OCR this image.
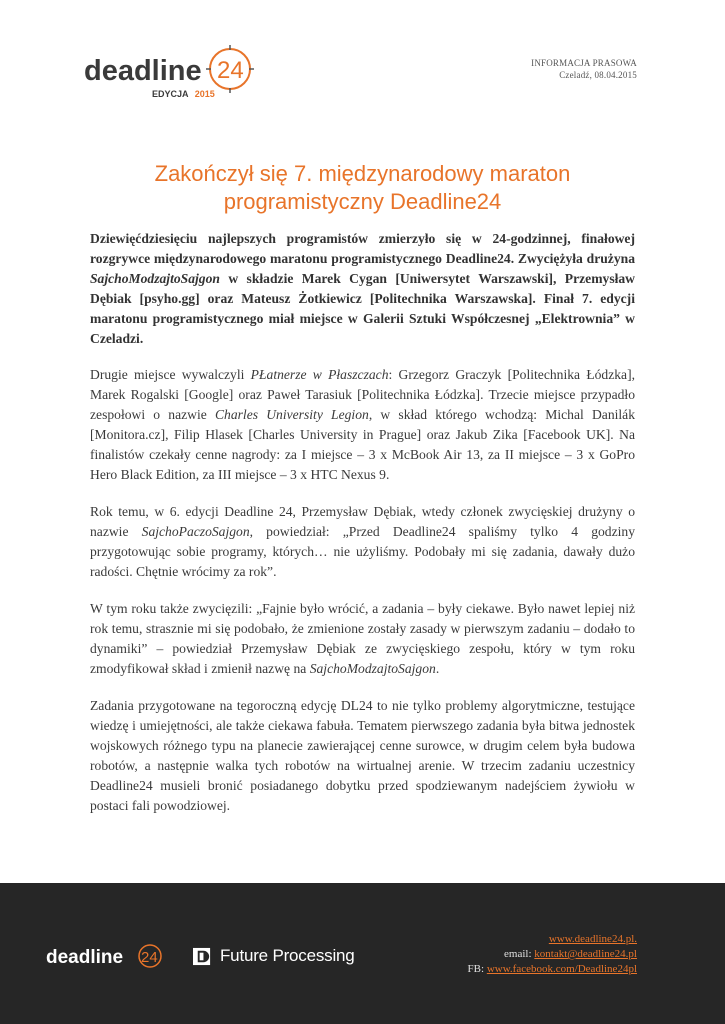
deadline 24
EDYCJA 2015
INFORMACJA PRASOWA
Czeladź, 08.04.2015
Zakończył się 7. międzynarodowy maraton programistyczny Deadline24

Dziewięćdziesięciu najlepszych programistów zmierzyło się w 24-godzinnej, finałowej rozgrywce międzynarodowego maratonu programistycznego Deadline24. Zwyciężyła drużyna SajchoModzajtoSajgon w składzie Marek Cygan [Uniwersytet Warszawski], Przemysław Dębiak [psyho.gg] oraz Mateusz Żotkiewicz [Politechnika Warszawska]. Finał 7. edycji maratonu programistycznego miał miejsce w Galerii Sztuki Współczesnej „Elektrownia” w Czeladzi.

Drugie miejsce wywalczyli PŁatnerze w Płaszczach: Grzegorz Graczyk [Politechnika Łódzka], Marek Rogalski [Google] oraz Paweł Tarasiuk [Politechnika Łódzka]. Trzecie miejsce przypadło zespołowi o nazwie Charles University Legion, w skład którego wchodzą: Michal Danilák [Monitora.cz], Filip Hlasek [Charles University in Prague] oraz Jakub Zika [Facebook UK]. Na finalistów czekały cenne nagrody: za I miejsce – 3 x McBook Air 13, za II miejsce – 3 x GoPro Hero Black Edition, za III miejsce – 3 x HTC Nexus 9.

Rok temu, w 6. edycji Deadline 24, Przemysław Dębiak, wtedy członek zwycięskiej drużyny o nazwie SajchoPaczoSajgon, powiedział: „Przed Deadline24 spaliśmy tylko 4 godziny przygotowując sobie programy, których… nie użyliśmy. Podobały mi się zadania, dawały dużo radości. Chętnie wrócimy za rok”.

W tym roku także zwycięzili: „Fajnie było wrócić, a zadania – były ciekawe. Było nawet lepiej niż rok temu, strasznie mi się podobało, że zmienione zostały zasady w pierwszym zadaniu – dodało to dynamiki” – powiedział Przemysław Dębiak ze zwycięskiego zespołu, który w tym roku zmodyfikował skład i zmienił nazwę na SajchoModzajtoSajgon.

Zadania przygotowane na tegoroczną edycję DL24 to nie tylko problemy algorytmiczne, testujące wiedzę i umiejętności, ale także ciekawa fabuła. Tematem pierwszego zadania była bitwa jednostek wojskowych różnego typu na planecie zawierającej cenne surowce, w drugim celem była budowa robotów, a następnie walka tych robotów na wirtualnej arenie. W trzecim zadaniu uczestnicy Deadline24 musieli bronić posiadanego dobytku przed spodziewanym nadejściem żywiołu w postaci fali powodziowej.

deadline 24	Future Processing
www.deadline24.pl.
email: kontakt@deadline24.pl
FB: www.facebook.com/Deadline24pl
